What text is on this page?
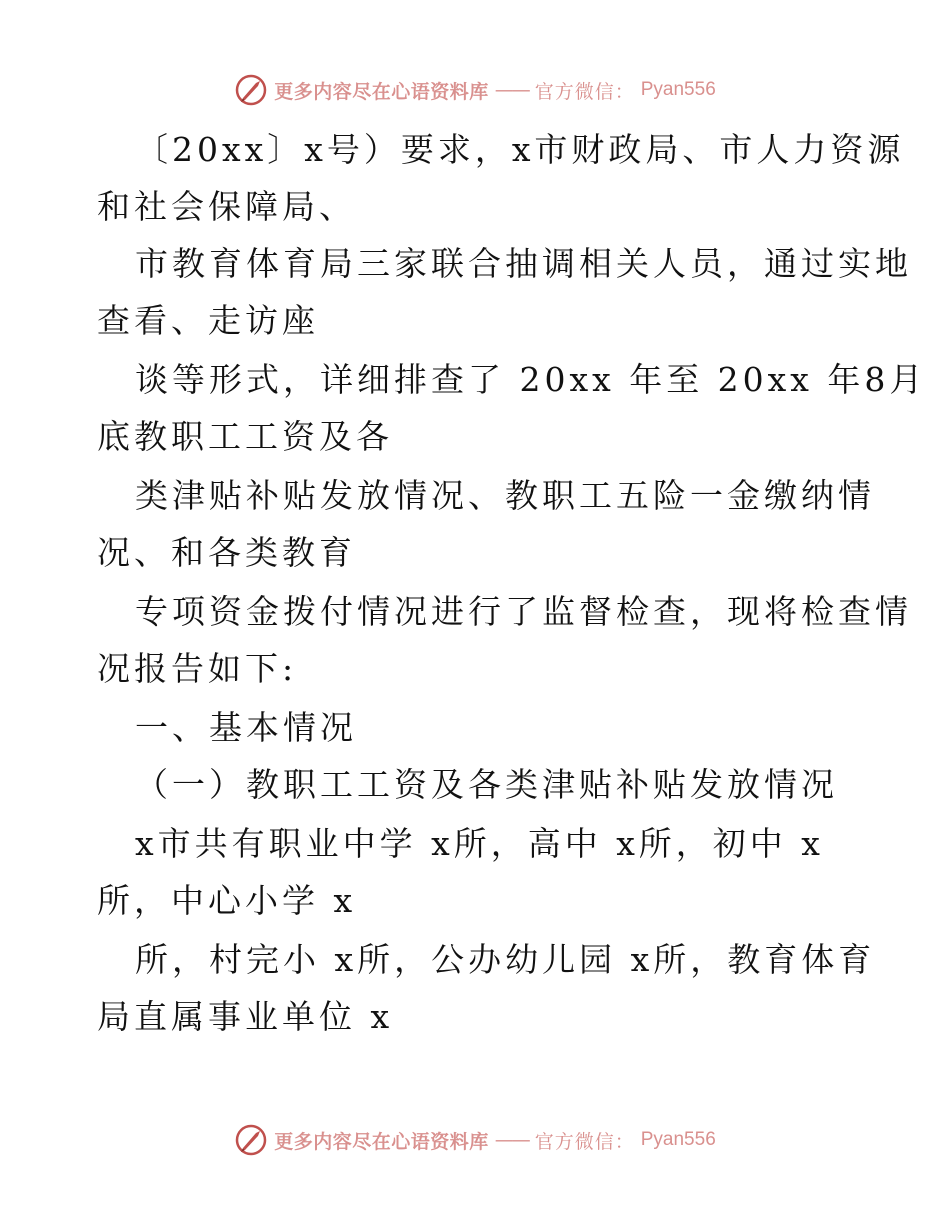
更多内容尽在心语资料库 —— 官方微信： Pyan556
〔20xx〕x号）要求，x市财政局、市人力资源
和社会保障局、
市教育体育局三家联合抽调相关人员，通过实地
查看、走访座
谈等形式，详细排查了 20xx 年至 20xx 年8月
底教职工工资及各
类津贴补贴发放情况、教职工五险一金缴纳情
况、和各类教育
专项资金拨付情况进行了监督检查，现将检查情
况报告如下:
一、基本情况
（一）教职工工资及各类津贴补贴发放情况
x市共有职业中学 x所，高中 x所，初中 x
所，中心小学 x
所，村完小 x所，公办幼儿园 x所，教育体育
局直属事业单位 x
更多内容尽在心语资料库 —— 官方微信： Pyan556
